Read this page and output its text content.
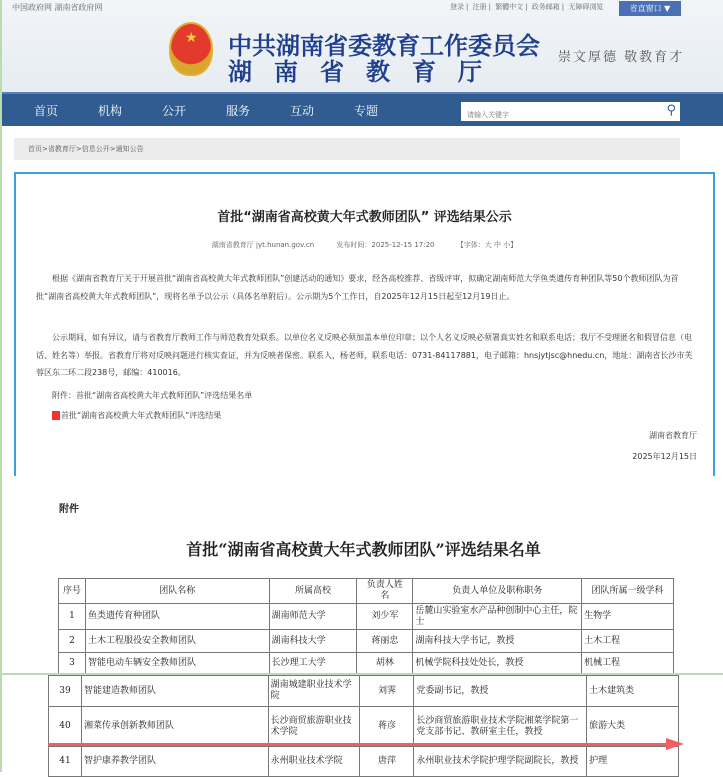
中国政府网 湖南省政府网	登录 | 注册 | 繁體中文 | 政务邮箱 | 无障碍浏览	省直窗口 ▼
★ 中共湖南省委教育工作委员会
湖南省教育厅
崇文厚德 敬教育才
首页	机构	公开	服务	互动	专题
请输入关键字	⚲
首页>省教育厅>信息公开>通知公告
首批“湖南省高校黄大年式教师团队” 评选结果公示
湖南省教育厅 jyt.hunan.gov.cn	发布时间：2025-12-15 17:20	【字体：大 中 小】
根据《湖南省教育厅关于开展首批“湖南省高校黄大年式教师团队”创建活动的通知》要求，经各高校推荐、省级评审，拟确定湖南师范大学鱼类遗传育种团队等50个教师团队为首批“湖南省高校黄大年式教师团队”，现将名单予以公示（具体名单附后）。公示期为5个工作日，自2025年12月15日起至12月19日止。
公示期间，如有异议，请与省教育厅教师工作与师范教育处联系。以单位名义反映必须加盖本单位印章；以个人名义反映必须署真实姓名和联系电话；我厅不受理匿名和假冒信息（电话、姓名等）举报。省教育厅将对反映问题进行核实查证，并为反映者保密。联系人，杨老师，联系电话：0731-84117881，电子邮箱：hnsjytjsc@hnedu.cn，地址：湖南省长沙市芙蓉区东二环二段238号，邮编：410016。
附件：首批“湖南省高校黄大年式教师团队”评选结果名单
首批“湖南省高校黄大年式教师团队”评选结果
湖南省教育厅
2025年12月15日
附件
首批“湖南省高校黄大年式教师团队”评选结果名单
序号	团队名称	所属高校	负责人姓　名	负责人单位及职称职务	团队所属一级学科
1	鱼类遗传育种团队	湖南师范大学	刘少军	岳麓山实验室水产品种创制中心主任，院士	生物学
2	土木工程服役安全教师团队	湖南科技大学	蒋丽忠	湖南科技大学书记，教授	土木工程
3	智能电动车辆安全教师团队	长沙理工大学	胡林	机械学院科技处处长，教授	机械工程
39	智能建造教师团队	湖南城建职业技术学院	刘霁	党委副书记，教授	土木建筑类
40	湘菜传承创新教师团队	长沙商贸旅游职业技术学院	蒋彦	长沙商贸旅游职业技术学院湘菜学院第一党支部书记、教研室主任，教授	旅游大类
41	智护康养教学团队	永州职业技术学院	唐萍	永州职业技术学院护理学院副院长，教授	护理
